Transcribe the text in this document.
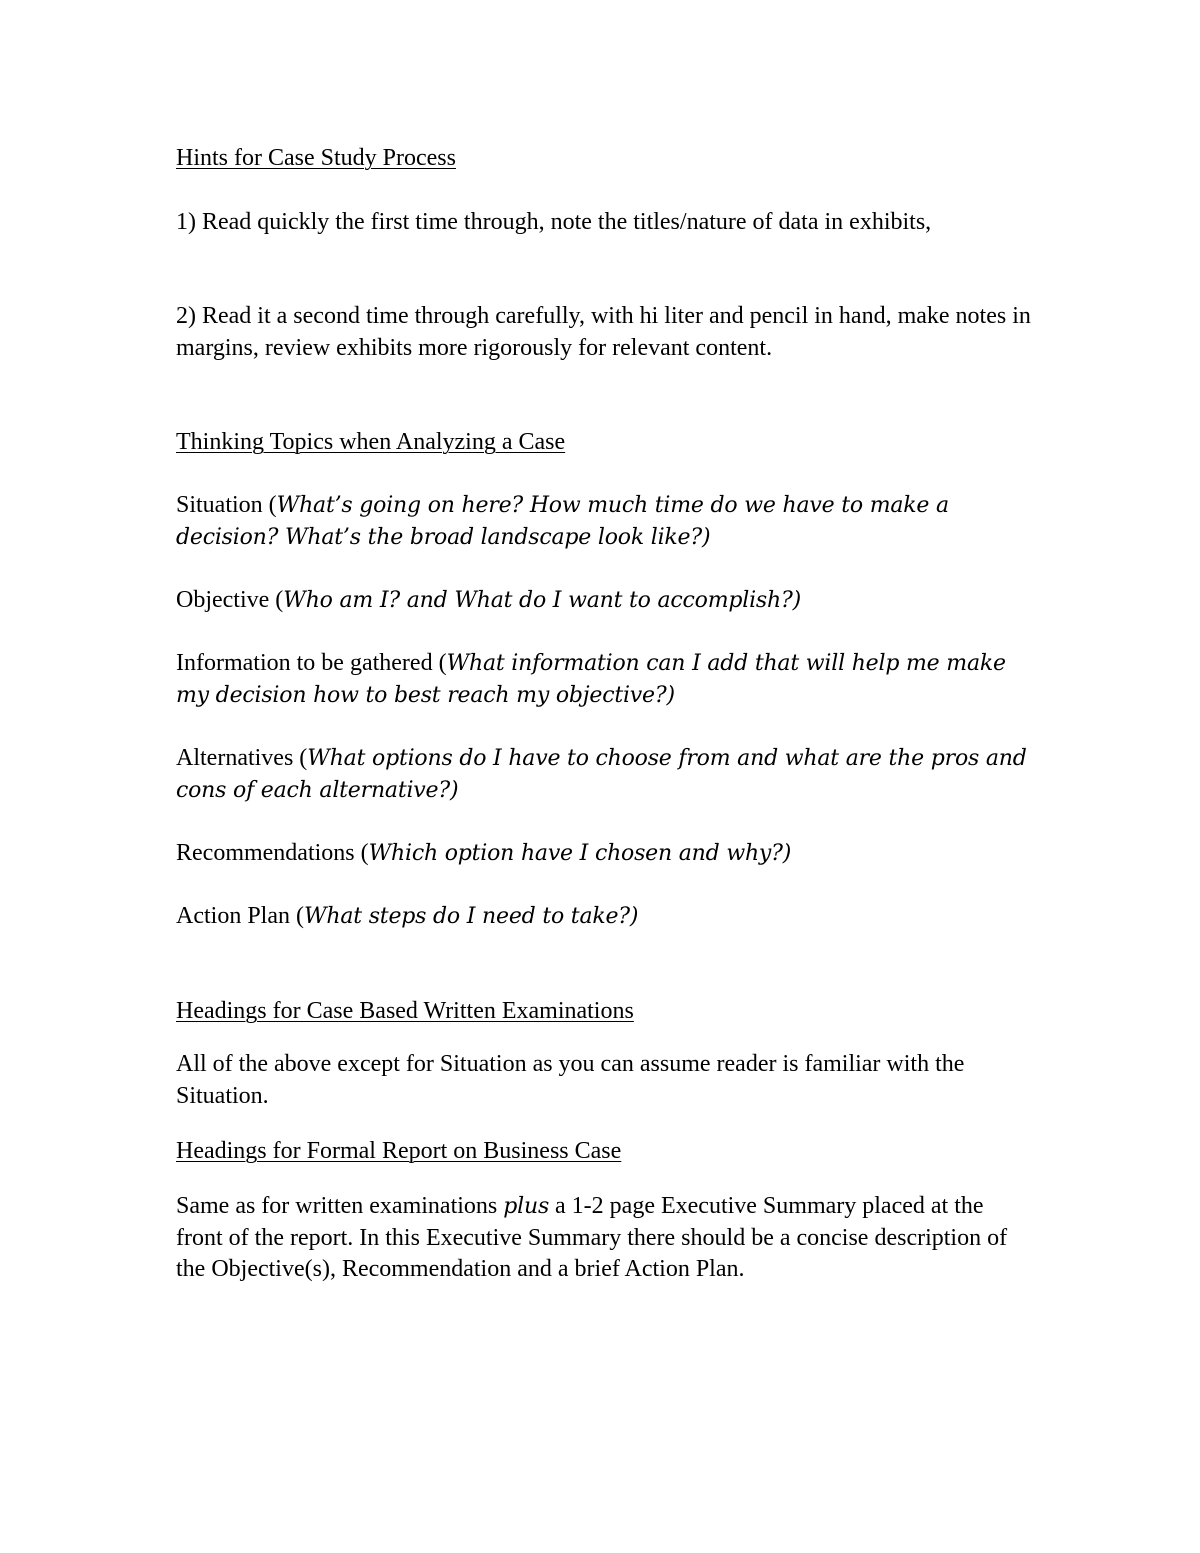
Hints for Case Study Process

1) Read quickly the first time through, note the titles/nature of data in exhibits,

2) Read it a second time through carefully, with hi liter and pencil in hand, make notes in margins, review exhibits more rigorously for relevant content.

Thinking Topics when Analyzing a Case

Situation (What’s going on here? How much time do we have to make a decision? What’s the broad landscape look like?)

Objective (Who am I? and What do I want to accomplish?)

Information to be gathered (What information can I add that will help me make my decision how to best reach my objective?)

Alternatives (What options do I have to choose from and what are the pros and cons of each alternative?)

Recommendations (Which option have I chosen and why?)

Action Plan (What steps do I need to take?)

Headings for Case Based Written Examinations

All of the above except for Situation as you can assume reader is familiar with the Situation.

Headings for Formal Report on Business Case

Same as for written examinations plus a 1-2 page Executive Summary placed at the front of the report. In this Executive Summary there should be a concise description of the Objective(s), Recommendation and a brief Action Plan.
